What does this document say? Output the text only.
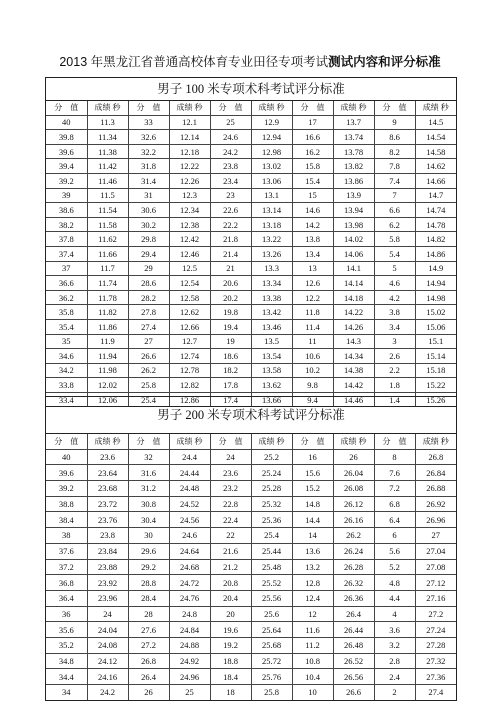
2013 年黑龙江省普通高校体育专业田径专项考试测试内容和评分标准
男子 100 米专项术科考试评分标准
分　值	成绩 秒	分　值	成绩 秒	分　值	成绩 秒	分　值	成绩 秒	分　值	成绩 秒
40	11.3	33	12.1	25	12.9	17	13.7	9	14.5
39.8	11.34	32.6	12.14	24.6	12.94	16.6	13.74	8.6	14.54
39.6	11.38	32.2	12.18	24.2	12.98	16.2	13.78	8.2	14.58
39.4	11.42	31.8	12.22	23.8	13.02	15.8	13.82	7.8	14.62
39.2	11.46	31.4	12.26	23.4	13.06	15.4	13.86	7.4	14.66
39	11.5	31	12.3	23	13.1	15	13.9	7	14.7
38.6	11.54	30.6	12.34	22.6	13.14	14.6	13.94	6.6	14.74
38.2	11.58	30.2	12.38	22.2	13.18	14.2	13.98	6.2	14.78
37.8	11.62	29.8	12.42	21.8	13.22	13.8	14.02	5.8	14.82
37.4	11.66	29.4	12.46	21.4	13.26	13.4	14.06	5.4	14.86
37	11.7	29	12.5	21	13.3	13	14.1	5	14.9
36.6	11.74	28.6	12.54	20.6	13.34	12.6	14.14	4.6	14.94
36.2	11.78	28.2	12.58	20.2	13.38	12.2	14.18	4.2	14.98
35.8	11.82	27.8	12.62	19.8	13.42	11.8	14.22	3.8	15.02
35.4	11.86	27.4	12.66	19.4	13.46	11.4	14.26	3.4	15.06
35	11.9	27	12.7	19	13.5	11	14.3	3	15.1
34.6	11.94	26.6	12.74	18.6	13.54	10.6	14.34	2.6	15.14
34.2	11.98	26.2	12.78	18.2	13.58	10.2	14.38	2.2	15.18
33.8	12.02	25.8	12.82	17.8	13.62	9.8	14.42	1.8	15.22
33.4	12.06	25.4	12.86	17.4	13.66	9.4	14.46	1.4	15.26
男子 200 米专项术科考试评分标准
分　值	成绩 秒	分　值	成绩 秒	分　值	成绩 秒	分　值	成绩 秒	分　值	成绩 秒
40	23.6	32	24.4	24	25.2	16	26	8	26.8
39.6	23.64	31.6	24.44	23.6	25.24	15.6	26.04	7.6	26.84
39.2	23.68	31.2	24.48	23.2	25.28	15.2	26.08	7.2	26.88
38.8	23.72	30.8	24.52	22.8	25.32	14.8	26.12	6.8	26.92
38.4	23.76	30.4	24.56	22.4	25.36	14.4	26.16	6.4	26.96
38	23.8	30	24.6	22	25.4	14	26.2	6	27
37.6	23.84	29.6	24.64	21.6	25.44	13.6	26.24	5.6	27.04
37.2	23.88	29.2	24.68	21.2	25.48	13.2	26.28	5.2	27.08
36.8	23.92	28.8	24.72	20.8	25.52	12.8	26.32	4.8	27.12
36.4	23.96	28.4	24.76	20.4	25.56	12.4	26.36	4.4	27.16
36	24	28	24.8	20	25.6	12	26.4	4	27.2
35.6	24.04	27.6	24.84	19.6	25.64	11.6	26.44	3.6	27.24
35.2	24.08	27.2	24.88	19.2	25.68	11.2	26.48	3.2	27.28
34.8	24.12	26.8	24.92	18.8	25.72	10.8	26.52	2.8	27.32
34.4	24.16	26.4	24.96	18.4	25.76	10.4	26.56	2.4	27.36
34	24.2	26	25	18	25.8	10	26.6	2	27.4
